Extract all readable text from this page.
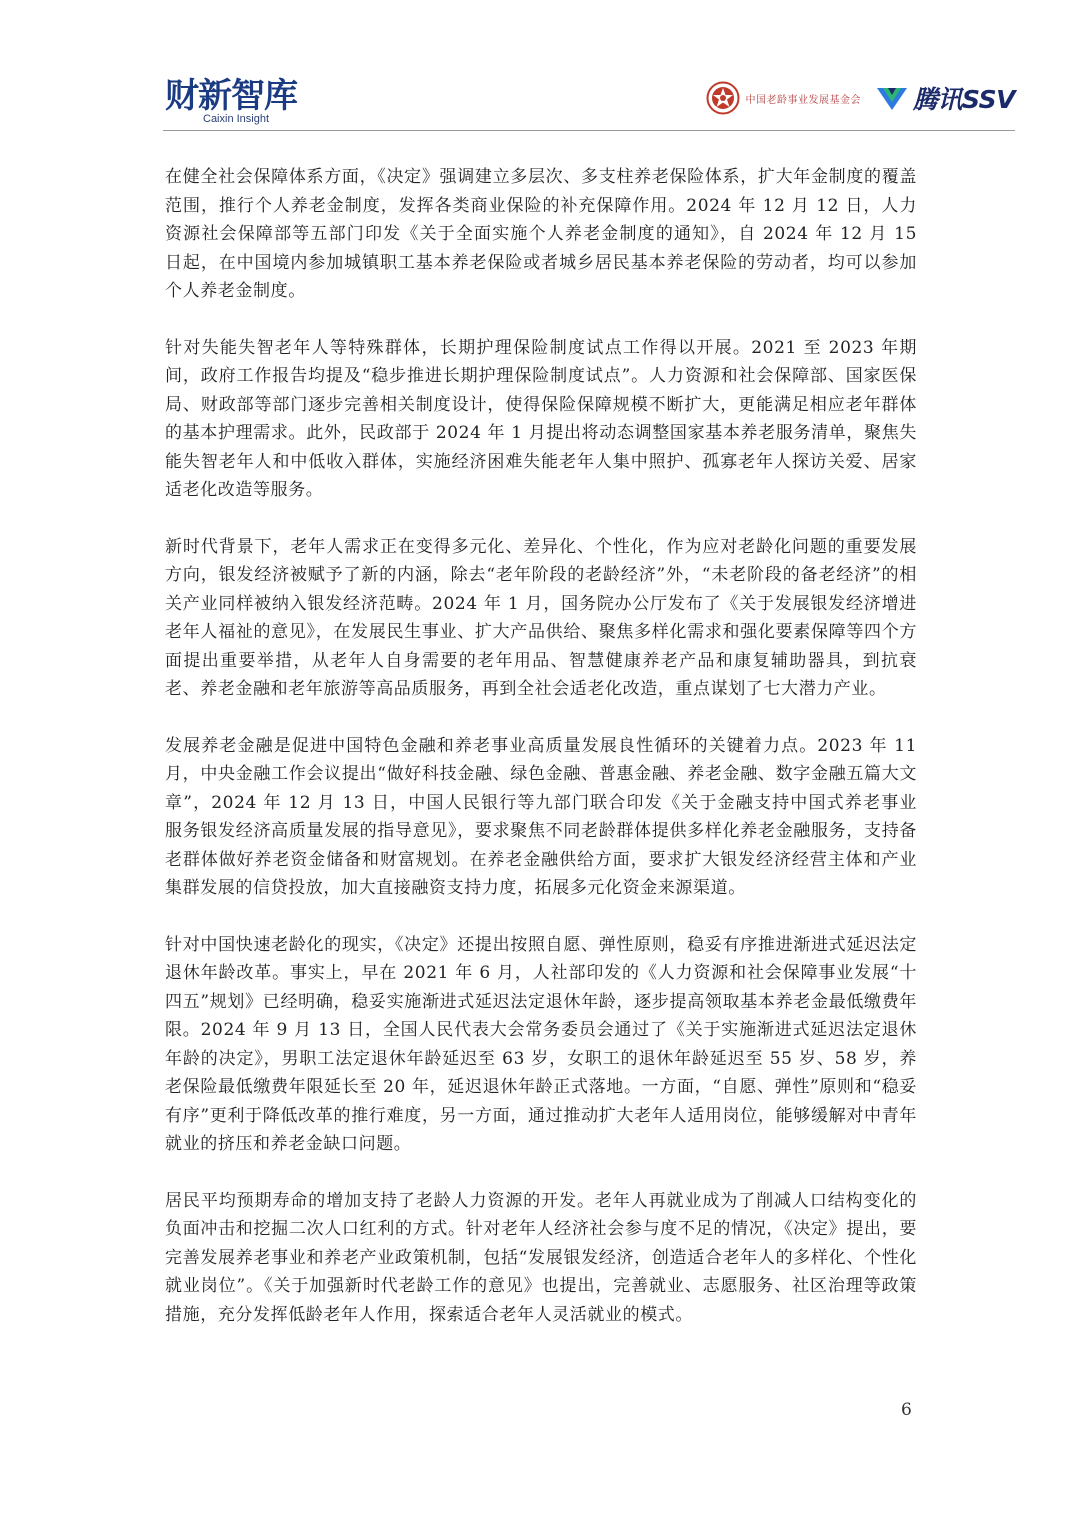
财新智库
Caixin Insight
中国老龄事业发展基金会 腾讯SSV

在健全社会保障体系方面，《决定》强调建立多层次、多支柱养老保险体系，扩大年金制度的覆盖范围，推行个人养老金制度，发挥各类商业保险的补充保障作用。2024 年 12 月 12 日，人力资源社会保障部等五部门印发《关于全面实施个人养老金制度的通知》，自 2024 年 12 月 15 日起，在中国境内参加城镇职工基本养老保险或者城乡居民基本养老保险的劳动者，均可以参加个人养老金制度。

针对失能失智老年人等特殊群体，长期护理保险制度试点工作得以开展。2021 至 2023 年期间，政府工作报告均提及“稳步推进长期护理保险制度试点”。人力资源和社会保障部、国家医保局、财政部等部门逐步完善相关制度设计，使得保险保障规模不断扩大，更能满足相应老年群体的基本护理需求。此外，民政部于 2024 年 1 月提出将动态调整国家基本养老服务清单，聚焦失能失智老年人和中低收入群体，实施经济困难失能老年人集中照护、孤寡老年人探访关爱、居家适老化改造等服务。

新时代背景下，老年人需求正在变得多元化、差异化、个性化，作为应对老龄化问题的重要发展方向，银发经济被赋予了新的内涵，除去“老年阶段的老龄经济”外，“未老阶段的备老经济”的相关产业同样被纳入银发经济范畴。2024 年 1 月，国务院办公厅发布了《关于发展银发经济增进老年人福祉的意见》，在发展民生事业、扩大产品供给、聚焦多样化需求和强化要素保障等四个方面提出重要举措，从老年人自身需要的老年用品、智慧健康养老产品和康复辅助器具，到抗衰老、养老金融和老年旅游等高品质服务，再到全社会适老化改造，重点谋划了七大潜力产业。

发展养老金融是促进中国特色金融和养老事业高质量发展良性循环的关键着力点。2023 年 11 月，中央金融工作会议提出“做好科技金融、绿色金融、普惠金融、养老金融、数字金融五篇大文章”，2024 年 12 月 13 日，中国人民银行等九部门联合印发《关于金融支持中国式养老事业 服务银发经济高质量发展的指导意见》，要求聚焦不同老龄群体提供多样化养老金融服务，支持备老群体做好养老资金储备和财富规划。在养老金融供给方面，要求扩大银发经济经营主体和产业集群发展的信贷投放，加大直接融资支持力度，拓展多元化资金来源渠道。

针对中国快速老龄化的现实，《决定》还提出按照自愿、弹性原则，稳妥有序推进渐进式延迟法定退休年龄改革。事实上，早在 2021 年 6 月，人社部印发的《人力资源和社会保障事业发展“十四五”规划》已经明确，稳妥实施渐进式延迟法定退休年龄，逐步提高领取基本养老金最低缴费年限。2024 年 9 月 13 日，全国人民代表大会常务委员会通过了《关于实施渐进式延迟法定退休年龄的决定》，男职工法定退休年龄延迟至 63 岁，女职工的退休年龄延迟至 55 岁、58 岁，养老保险最低缴费年限延长至 20 年，延迟退休年龄正式落地。一方面，“自愿、弹性”原则和“稳妥有序”更利于降低改革的推行难度，另一方面，通过推动扩大老年人适用岗位，能够缓解对中青年就业的挤压和养老金缺口问题。

居民平均预期寿命的增加支持了老龄人力资源的开发。老年人再就业成为了削减人口结构变化的负面冲击和挖掘二次人口红利的方式。针对老年人经济社会参与度不足的情况，《决定》提出，要完善发展养老事业和养老产业政策机制，包括“发展银发经济，创造适合老年人的多样化、个性化就业岗位”。《关于加强新时代老龄工作的意见》也提出，完善就业、志愿服务、社区治理等政策措施，充分发挥低龄老年人作用，探索适合老年人灵活就业的模式。

6
